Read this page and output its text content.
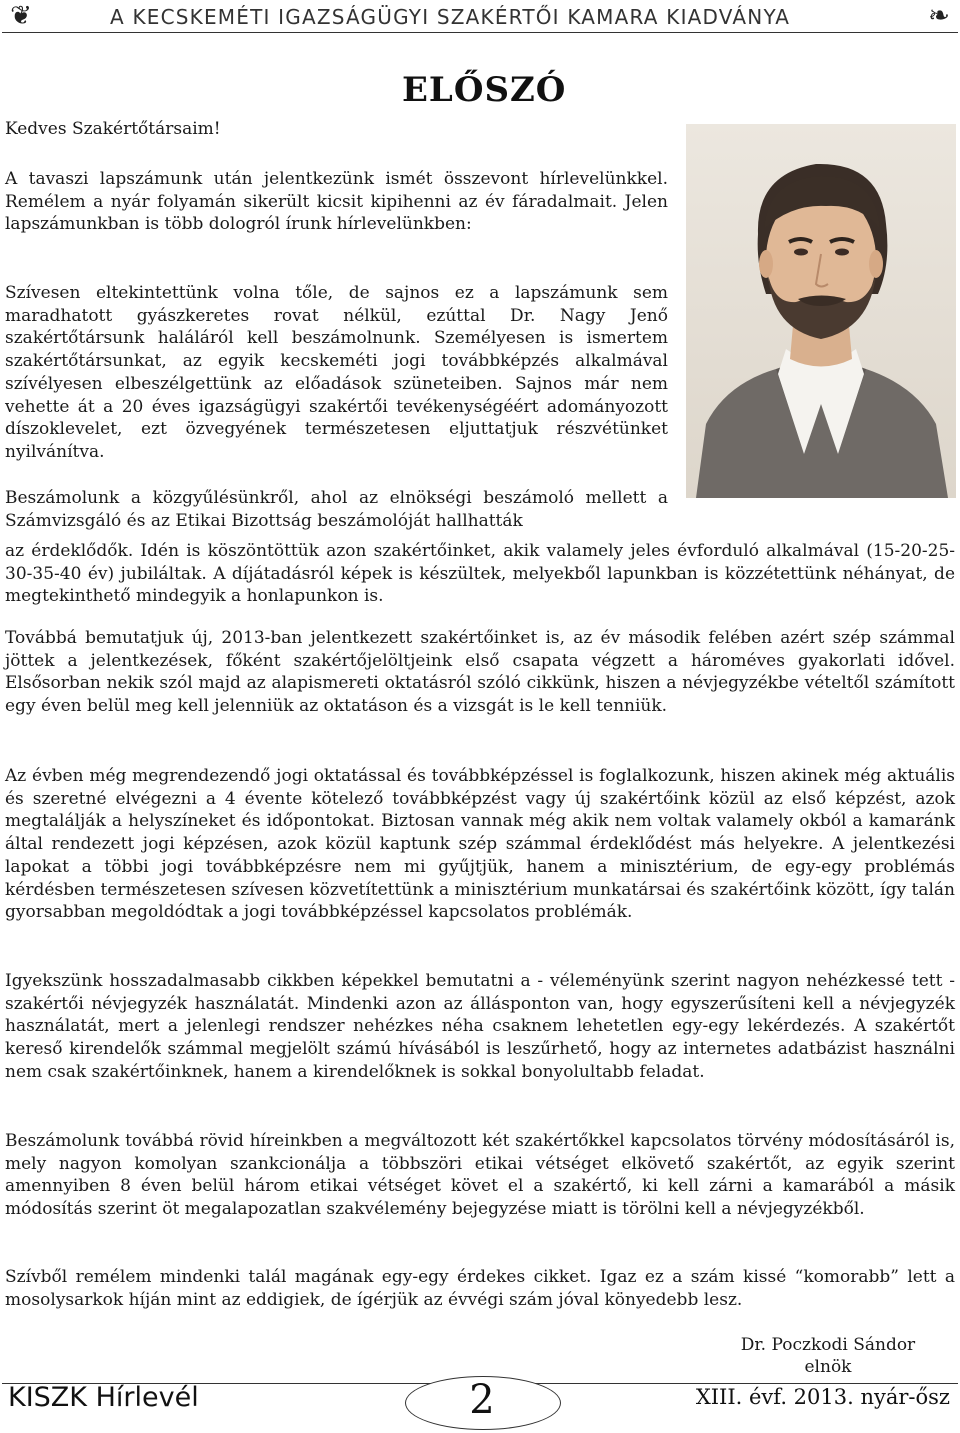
❦	A KECSKEMÉTI IGAZSÁGÜGYI SZAKÉRTŐI KAMARA KIADVÁNYA	❧
ELŐSZÓ
Kedves Szakértőtársaim!

A tavaszi lapszámunk után jelentkezünk ismét összevont hírlevelünkkel. Remélem a nyár folyamán sikerült kicsit kipihenni az év fáradalmait. Jelen lapszámunkban is több dologról írunk hírlevelünkben:

Szívesen eltekintettünk volna tőle, de sajnos ez a lapszámunk sem maradhatott gyászkeretes rovat nélkül, ezúttal Dr. Nagy Jenő szakértőtársunk haláláról kell beszámolnunk. Személyesen is ismertem szakértőtársunkat, az egyik kecskeméti jogi továbbképzés alkalmával szívélyesen elbeszélgettünk az előadások szüneteiben. Sajnos már nem vehette át a 20 éves igazságügyi szakértői tevékenységéért adományozott díszoklevelet, ezt özvegyének természetesen eljuttatjuk részvétünket nyilvánítva.

Beszámolunk a közgyűlésünkről, ahol az elnökségi beszámoló mellett a Számvizsgáló és az Etikai Bizottság beszámolóját hallhatták

az érdeklődők. Idén is köszöntöttük azon szakértőinket, akik valamely jeles évforduló alkalmával (15-20-25-30-35-40 év) jubiláltak. A díjátadásról képek is készültek, melyekből lapunkban is közzétettünk néhányat, de megtekinthető mindegyik a honlapunkon is.

Továbbá bemutatjuk új, 2013-ban jelentkezett szakértőinket is, az év második felében azért szép számmal jöttek a jelentkezések, főként szakértőjelöltjeink első csapata végzett a hároméves gyakorlati idővel. Elsősorban nekik szól majd az alapismereti oktatásról szóló cikkünk, hiszen a névjegyzékbe vételtől számított egy éven belül meg kell jelenniük az oktatáson és a vizsgát is le kell tenniük.

Az évben még megrendezendő jogi oktatással és továbbképzéssel is foglalkozunk, hiszen akinek még aktuális és szeretné elvégezni a 4 évente kötelező továbbképzést vagy új szakértőink közül az első képzést, azok megtalálják a helyszíneket és időpontokat. Biztosan vannak még akik nem voltak valamely okból a kamaránk által rendezett jogi képzésen, azok közül kaptunk szép számmal érdeklődést más helyekre. A jelentkezési lapokat a többi jogi továbbképzésre nem mi gyűjtjük, hanem a minisztérium, de egy-egy problémás kérdésben természetesen szívesen közvetítettünk a minisztérium munkatársai és szakértőink között, így talán gyorsabban megoldódtak a jogi továbbképzéssel kapcsolatos problémák.

Igyekszünk hosszadalmasabb cikkben képekkel bemutatni a - véleményünk szerint nagyon nehézkessé tett - szakértői névjegyzék használatát. Mindenki azon az állásponton van, hogy egyszerűsíteni kell a névjegyzék használatát, mert a jelenlegi rendszer nehézkes néha csaknem lehetetlen egy-egy lekérdezés. A szakértőt kereső kirendelők számmal megjelölt számú hívásából is leszűrhető, hogy az internetes adatbázist használni nem csak szakértőinknek, hanem a kirendelőknek is sokkal bonyolultabb feladat.

Beszámolunk továbbá rövid híreinkben a megváltozott két szakértőkkel kapcsolatos törvény módosításáról is, mely nagyon komolyan szankcionálja a többszöri etikai vétséget elkövető szakértőt, az egyik szerint amennyiben 8 éven belül három etikai vétséget követ el a szakértő, ki kell zárni a kamarából a másik módosítás szerint öt megalapozatlan szakvélemény bejegyzése miatt is törölni kell a névjegyzékből.

Szívből remélem mindenki talál magának egy-egy érdekes cikket. Igaz ez a szám kissé “komorabb” lett a mosolysarkok híján mint az eddigiek, de ígérjük az évvégi szám jóval könyedebb lesz.

Dr. Poczkodi Sándor
elnök
KISZK Hírlevél	2	XIII. évf. 2013. nyár-ősz
